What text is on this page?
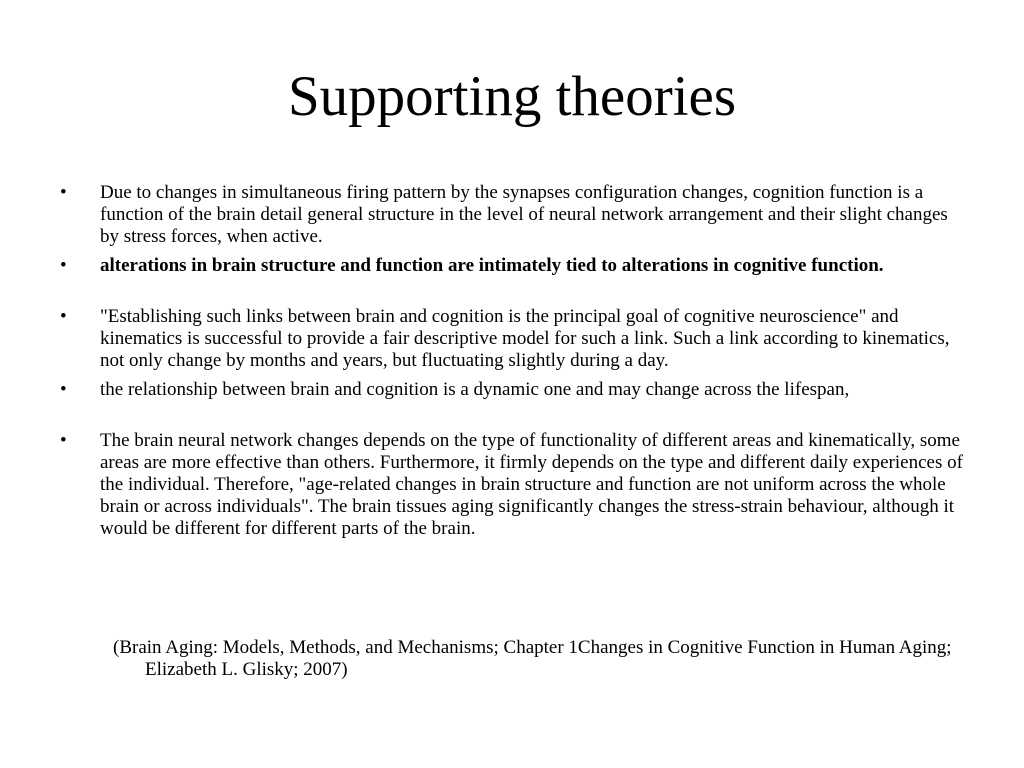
Supporting theories
• Due to changes in simultaneous firing pattern by the synapses configuration changes, cognition function is a function of the brain detail general structure in the level of neural network arrangement and their slight changes by stress forces, when active.
• alterations in brain structure and function are intimately tied to alterations in cognitive function.
• "Establishing such links between brain and cognition is the principal goal of cognitive neuroscience" and kinematics is successful to provide a fair descriptive model for such a link. Such a link according to kinematics, not only change by months and years, but fluctuating slightly during a day.
• the relationship between brain and cognition is a dynamic one and may change across the lifespan,
• The brain neural network changes depends on the type of functionality of different areas and kinematically, some areas are more effective than others. Furthermore, it firmly depends on the type and different daily experiences of the individual. Therefore, "age-related changes in brain structure and function are not uniform across the whole brain or across individuals". The brain tissues aging significantly changes the stress-strain behaviour, although it would be different for different parts of the brain.
(Brain Aging: Models, Methods, and Mechanisms; Chapter 1Changes in Cognitive Function in Human Aging; Elizabeth L. Glisky; 2007)
